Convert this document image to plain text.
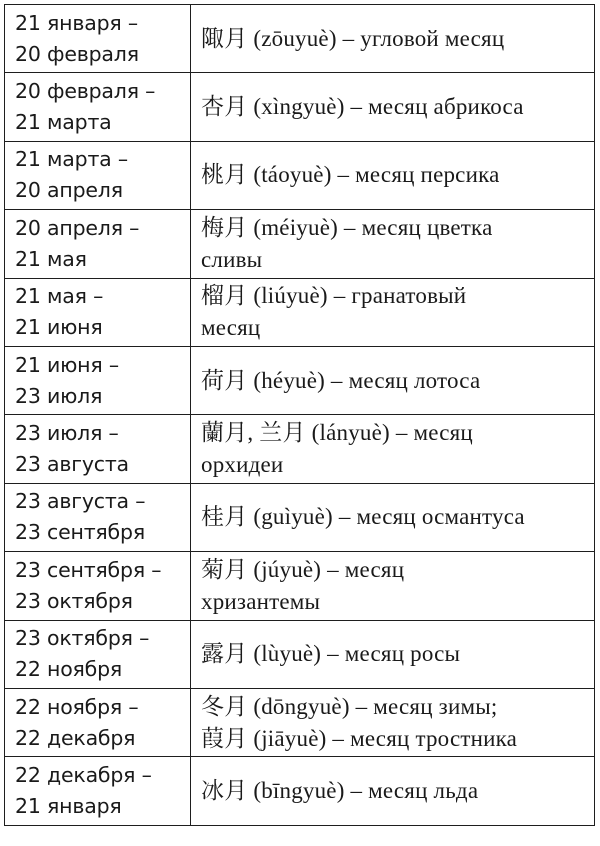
21 января –
20 февраля	陬月 (zōuyuè) – угловой месяц

20 февраля –
21 марта	杏月 (xìngyuè) – месяц абрикоса

21 марта –
20 апреля	桃月 (táoyuè) – месяц персика

20 апреля –
21 мая	梅月 (méiyuè) – месяц цветка
сливы

21 мая –
21 июня	榴月 (liúyuè) – гранатовый
месяц

21 июня –
23 июля	荷月 (héyuè) – месяц лотоса

23 июля –
23 августа	蘭月, 兰月 (lányuè) – месяц
орхидеи

23 августа –
23 сентября	桂月 (guìyuè) – месяц османтуса

23 сентября –
23 октября	菊月 (júyuè) – месяц
хризантемы

23 октября –
22 ноября	露月 (lùyuè) – месяц росы

22 ноября –
22 декабря	冬月 (dōngyuè) – месяц зимы;
葭月 (jiāyuè) – месяц тростника

22 декабря –
21 января	冰月 (bīngyuè) – месяц льда
